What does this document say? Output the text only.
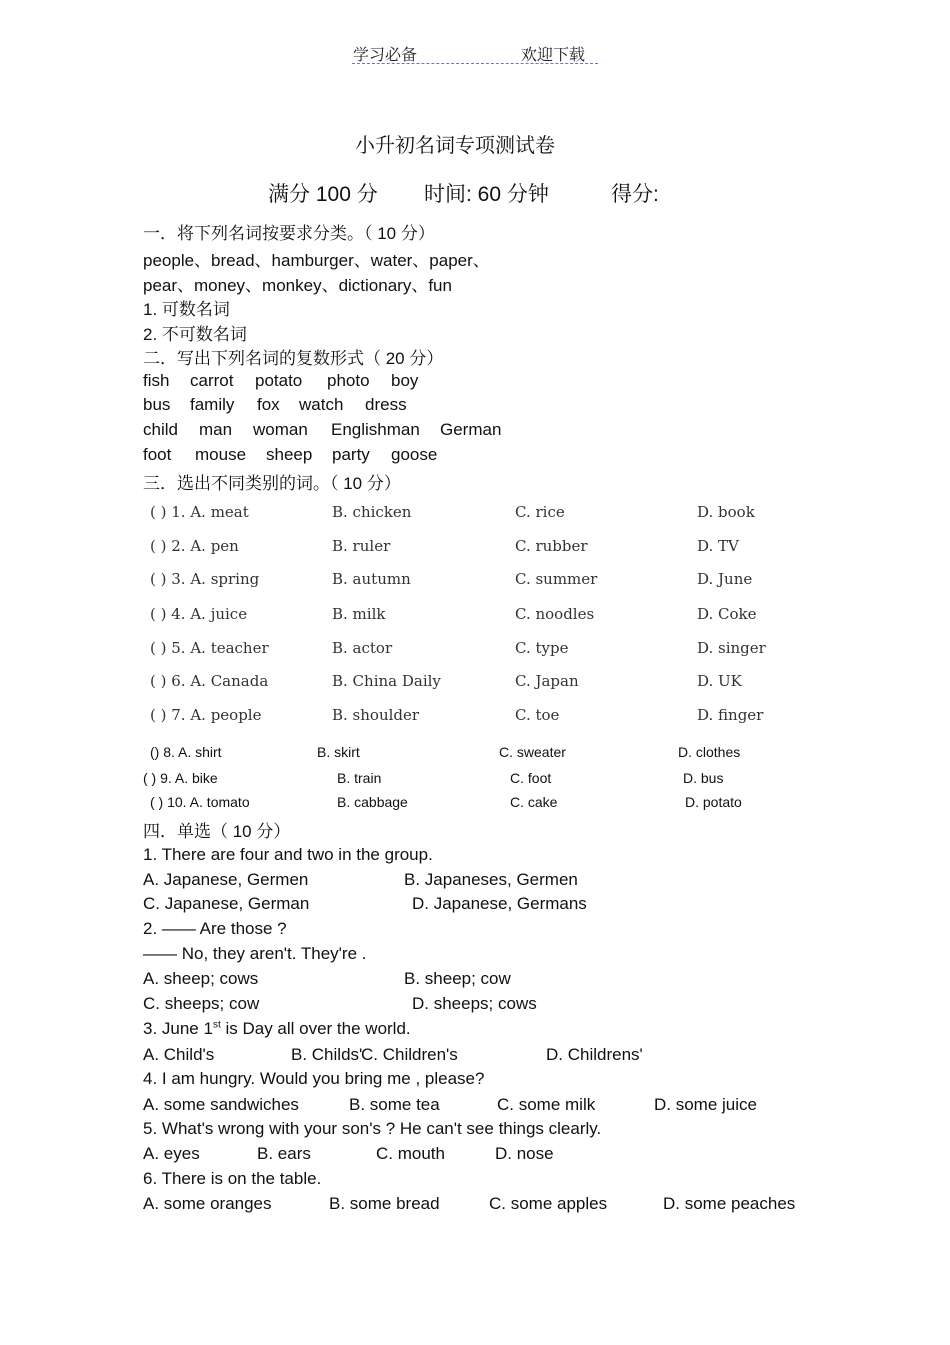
学习必备	欢迎下载
小升初名词专项测试卷
满分 100 分 时间: 60 分钟	得分:
一．将下列名词按要求分类。（ 10 分）
people、bread、hamburger、water、paper、
pear、money、monkey、dictionary、fun
1. 可数名词
2. 不可数名词
二．写出下列名词的复数形式（ 20 分）
fish carrot potato photo boy
bus family fox watch dress
child man woman Englishman German
foot mouse sheep party goose
三．选出不同类别的词。（ 10 分）
( ) 1. A. meat	B. chicken	C. rice	D. book
( ) 2. A. pen	B. ruler	C. rubber	D. TV
( ) 3. A. spring	B. autumn	C. summer	D. June
( ) 4. A. juice	B. milk	C. noodles	D. Coke
( ) 5. A. teacher	B. actor	C. type	D. singer
( ) 6. A. Canada	B. China Daily	C. Japan	D. UK
( ) 7. A. people	B. shoulder	C. toe	D. finger
() 8. A. shirt	B. skirt	C. sweater	D. clothes
( ) 9. A. bike	B. train	C. foot	D. bus
( ) 10. A. tomato	B. cabbage	C. cake	D. potato
四．单选（ 10 分）
1. There are four and two in the group.
A. Japanese, Germen	B. Japaneses, Germen
C. Japanese, German	D. Japanese, Germans
2. —— Are those ?
—— No, they aren't. They're .
A. sheep; cows	B. sheep; cow
C. sheeps; cow	D. sheeps; cows
3. June 1st is Day all over the world.
A. Child's	B. Childs'
C. Children's	D. Childrens'
4. I am hungry. Would you bring me , please?
A. some sandwiches	B. some tea	C. some milk	D. some juice
5. What's wrong with your son's ? He can't see things clearly.
A. eyes	B. ears	C. mouth	D. nose
6. There is on the table.
A. some oranges	B. some bread	C. some apples	D. some peaches
